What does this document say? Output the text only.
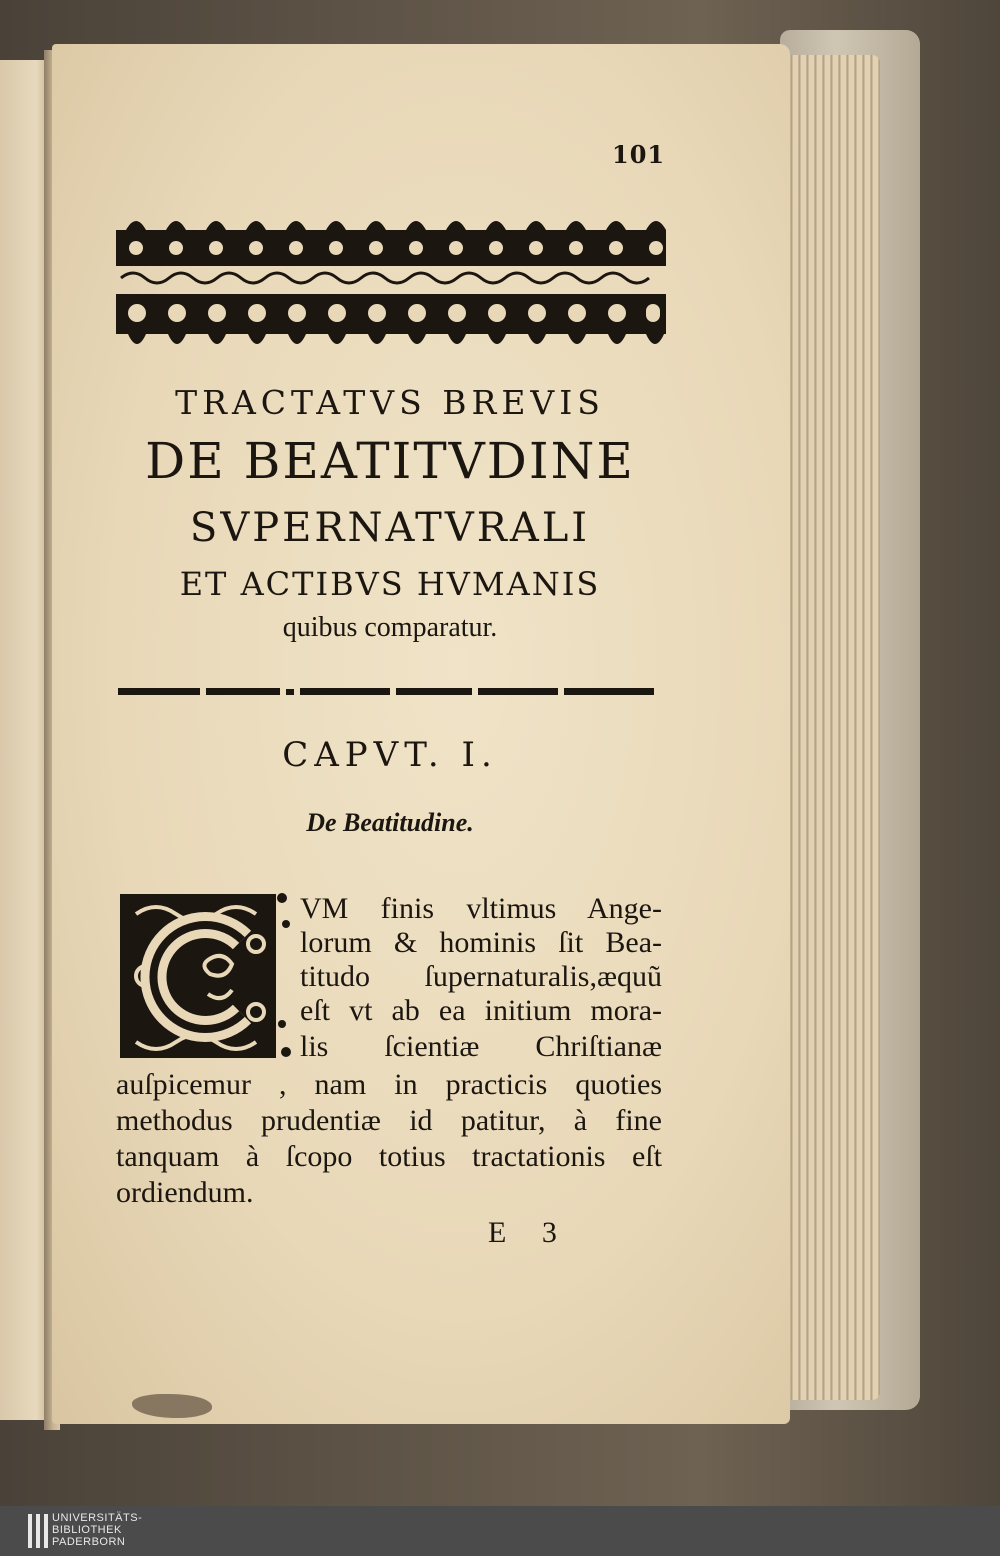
101
TRACTATVS BREVIS
DE BEATITVDINE
SVPERNATVRALI
ET ACTIBVS HVMANIS
quibus comparatur.
CAPVT. I.
De Beatitudine.
VM finis vltimus Ange-
lorum & hominis ſit Bea-
titudo ſupernaturalis,æquũ
eſt vt ab ea initium mora-
lis ſcientiæ Chriſtianæ
auſpicemur , nam in practicis quoties
methodus prudentiæ id patitur, à fine
tanquam à ſcopo totius tractationis eſt
ordiendum.
E 3
UNIVERSITÄTS-
BIBLIOTHEK
PADERBORN
